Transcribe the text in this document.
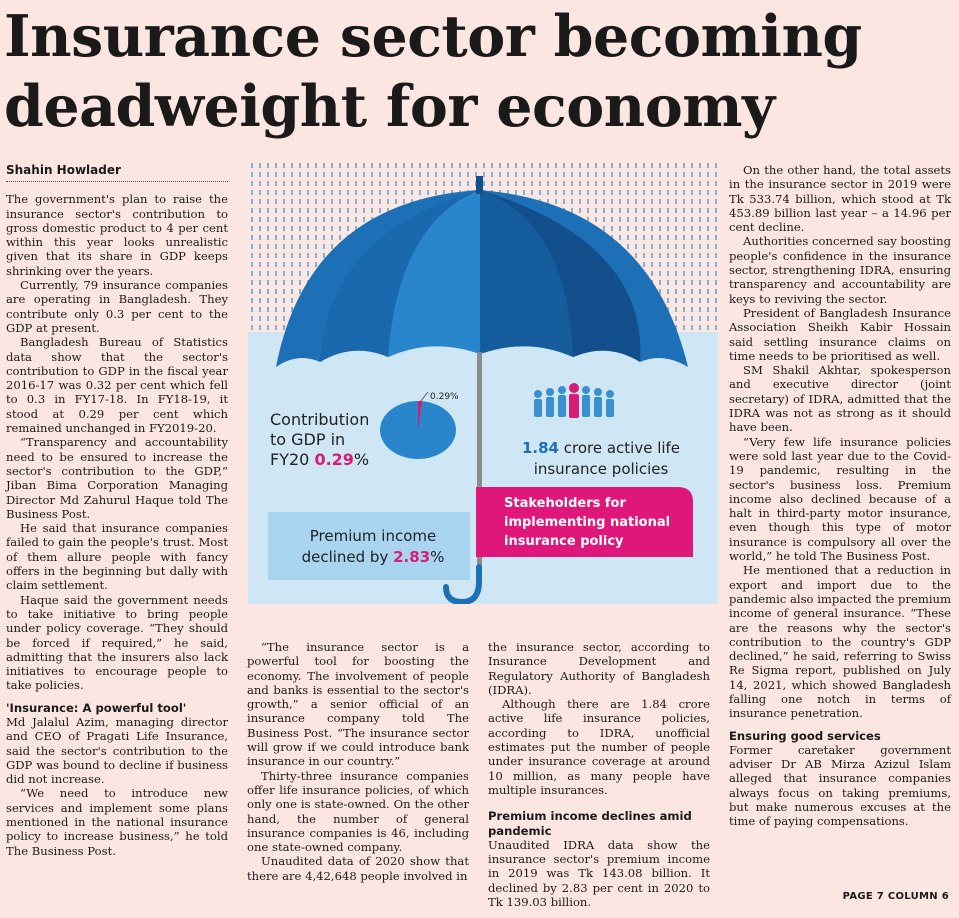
Insurance sector becoming
deadweight for economy

Shahin Howlader

The government's plan to raise the insurance sector's contribution to gross domestic product to 4 per cent within this year looks unrealistic given that its share in GDP keeps shrinking over the years.

Currently, 79 insurance companies are operating in Bangladesh. They contribute only 0.3 per cent to the GDP at present.

Bangladesh Bureau of Statistics data show that the sector's contribution to GDP in the fiscal year 2016-17 was 0.32 per cent which fell to 0.3 in FY17-18. In FY18-19, it stood at 0.29 per cent which remained unchanged in FY2019-20.

“Transparency and accountability need to be ensured to increase the sector's contribution to the GDP,” Jiban Bima Corporation Managing Director Md Zahurul Haque told The Business Post.

He said that insurance companies failed to gain the people's trust. Most of them allure people with fancy offers in the beginning but dally with claim settlement.

Haque said the government needs to take initiative to bring people under policy coverage. “They should be forced if required,” he said, admitting that the insurers also lack initiatives to encourage people to take policies.

'Insurance: A powerful tool'

Md Jalalul Azim, managing director and CEO of Pragati Life Insurance, said the sector's contribution to the GDP was bound to decline if business did not increase.

“We need to introduce new services and implement some plans mentioned in the national insurance policy to increase business,” he told The Business Post.

0.29%
Contribution to GDP in FY20 0.29%
1.84 crore active life insurance policies
Stakeholders for implementing national insurance policy
Premium income declined by 2.83%

“The insurance sector is a powerful tool for boosting the economy. The involvement of people and banks is essential to the sector's growth,” a senior official of an insurance company told The Business Post. “The insurance sector will grow if we could introduce bank insurance in our country.”

Thirty-three insurance companies offer life insurance policies, of which only one is state-owned. On the other hand, the number of general insurance companies is 46, including one state-owned company.

Unaudited data of 2020 show that there are 4,42,648 people involved in

the insurance sector, according to Insurance Development and Regulatory Authority of Bangladesh (IDRA).

Although there are 1.84 crore active life insurance policies, according to IDRA, unofficial estimates put the number of people under insurance coverage at around 10 million, as many people have multiple insurances.

Premium income declines amid pandemic

Unaudited IDRA data show the insurance sector's premium income in 2019 was Tk 143.08 billion. It declined by 2.83 per cent in 2020 to Tk 139.03 billion.

On the other hand, the total assets in the insurance sector in 2019 were Tk 533.74 billion, which stood at Tk 453.89 billion last year – a 14.96 per cent decline.

Authorities concerned say boosting people's confidence in the insurance sector, strengthening IDRA, ensuring transparency and accountability are keys to reviving the sector.

President of Bangladesh Insurance Association Sheikh Kabir Hossain said settling insurance claims on time needs to be prioritised as well.

SM Shakil Akhtar, spokesperson and executive director (joint secretary) of IDRA, admitted that the IDRA was not as strong as it should have been.

“Very few life insurance policies were sold last year due to the Covid-19 pandemic, resulting in the sector's business loss. Premium income also declined because of a halt in third-party motor insurance, even though this type of motor insurance is compulsory all over the world,” he told The Business Post.

He mentioned that a reduction in export and import due to the pandemic also impacted the premium income of general insurance. “These are the reasons why the sector's contribution to the country's GDP declined,” he said, referring to Swiss Re Sigma report, published on July 14, 2021, which showed Bangladesh falling one notch in terms of insurance penetration.

Ensuring good services

Former caretaker government adviser Dr AB Mirza Azizul Islam alleged that insurance companies always focus on taking premiums, but make numerous excuses at the time of paying compensations.

PAGE 7 COLUMN 6
